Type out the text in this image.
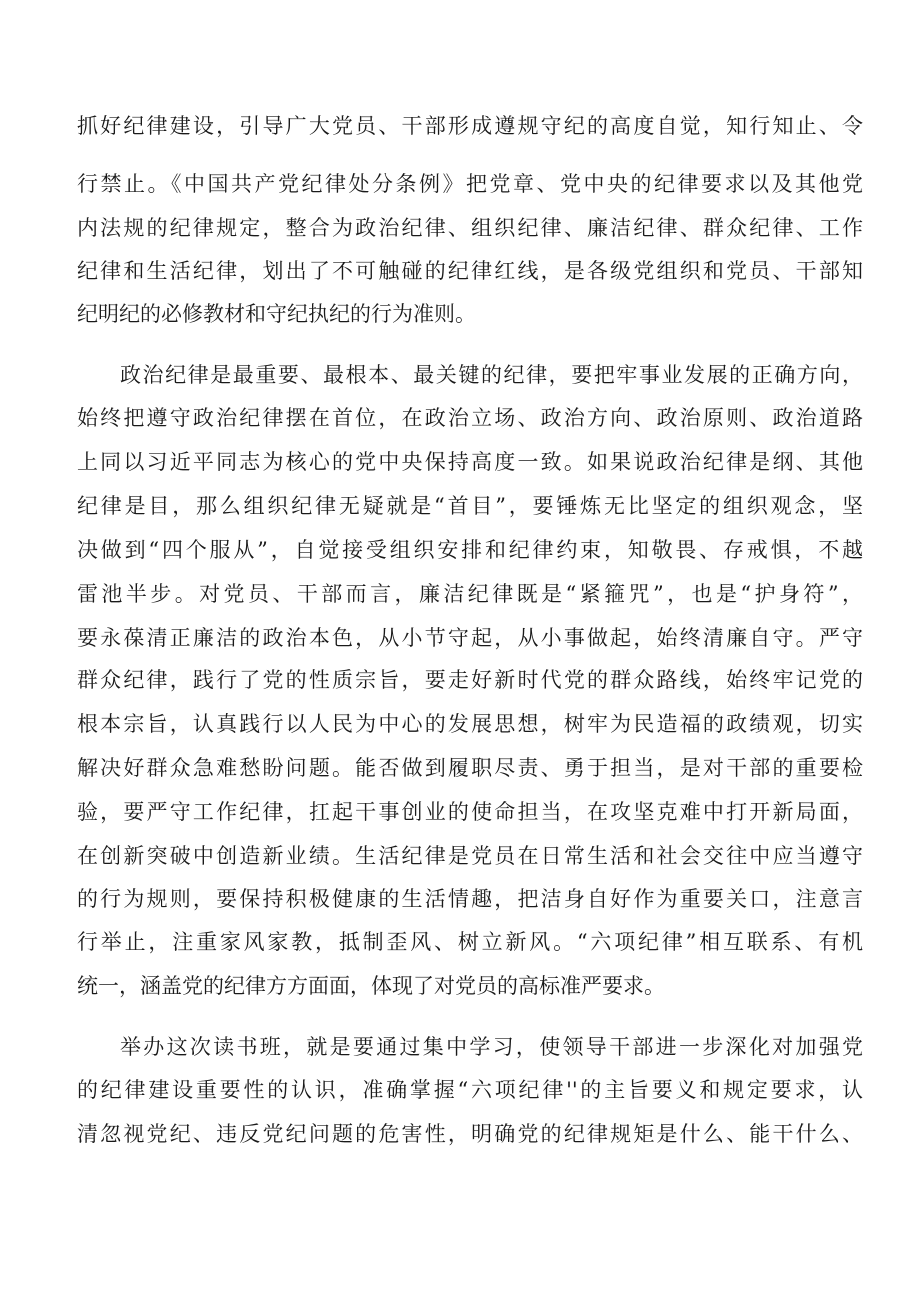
抓好纪律建设，引导广大党员、干部形成遵规守纪的高度自觉，知行知止、令

行禁止。《中国共产党纪律处分条例》把党章、党中央的纪律要求以及其他党

内法规的纪律规定，整合为政治纪律、组织纪律、廉洁纪律、群众纪律、工作

纪律和生活纪律，划出了不可触碰的纪律红线，是各级党组织和党员、干部知

纪明纪的必修教材和守纪执纪的行为准则。

政治纪律是最重要、最根本、最关键的纪律，要把牢事业发展的正确方向，

始终把遵守政治纪律摆在首位，在政治立场、政治方向、政治原则、政治道路

上同以习近平同志为核心的党中央保持高度一致。如果说政治纪律是纲、其他

纪律是目，那么组织纪律无疑就是“首目”，要锤炼无比坚定的组织观念，坚

决做到“四个服从”，自觉接受组织安排和纪律约束，知敬畏、存戒惧，不越

雷池半步。对党员、干部而言，廉洁纪律既是“紧箍咒”，也是“护身符”，

要永葆清正廉洁的政治本色，从小节守起，从小事做起，始终清廉自守。严守

群众纪律，践行了党的性质宗旨，要走好新时代党的群众路线，始终牢记党的

根本宗旨，认真践行以人民为中心的发展思想，树牢为民造福的政绩观，切实

解决好群众急难愁盼问题。能否做到履职尽责、勇于担当，是对干部的重要检

验，要严守工作纪律，扛起干事创业的使命担当，在攻坚克难中打开新局面，

在创新突破中创造新业绩。生活纪律是党员在日常生活和社会交往中应当遵守

的行为规则，要保持积极健康的生活情趣，把洁身自好作为重要关口，注意言

行举止，注重家风家教，抵制歪风、树立新风。“六项纪律”相互联系、有机

统一，涵盖党的纪律方方面面，体现了对党员的高标准严要求。

举办这次读书班，就是要通过集中学习，使领导干部进一步深化对加强党

的纪律建设重要性的认识，准确掌握“六项纪律''的主旨要义和规定要求，认

清忽视党纪、违反党纪问题的危害性，明确党的纪律规矩是什么、能干什么、
